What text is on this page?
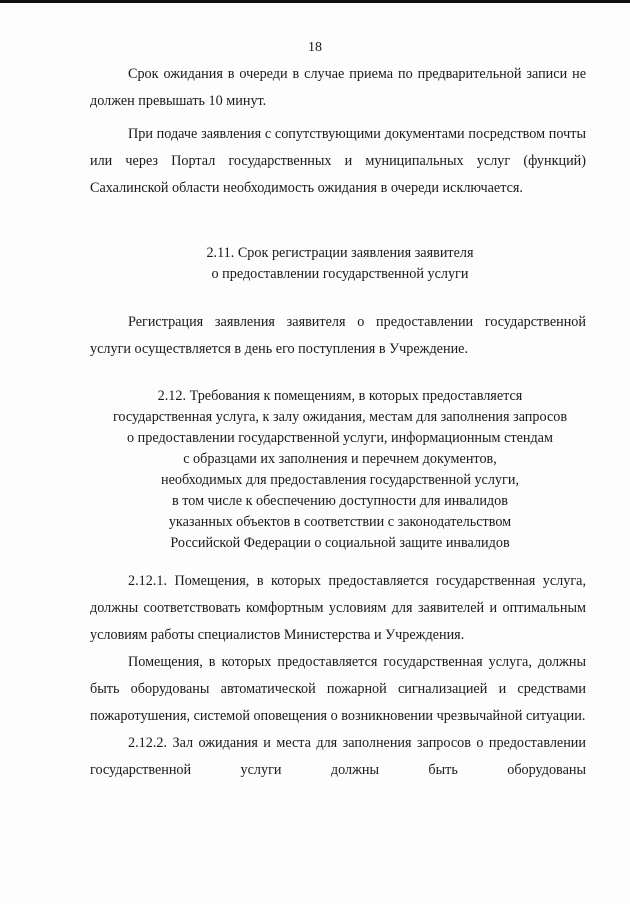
18

Срок ожидания в очереди в случае приема по предварительной записи не должен превышать 10 минут.

При подаче заявления с сопутствующими документами посредством почты или через Портал государственных и муниципальных услуг (функций) Сахалинской области необходимость ожидания в очереди исключается.

2.11. Срок регистрации заявления заявителя
о предоставлении государственной услуги

Регистрация заявления заявителя о предоставлении государственной услуги осуществляется в день его поступления в Учреждение.

2.12. Требования к помещениям, в которых предоставляется
государственная услуга, к залу ожидания, местам для заполнения запросов
о предоставлении государственной услуги, информационным стендам
с образцами их заполнения и перечнем документов,
необходимых для предоставления государственной услуги,
в том числе к обеспечению доступности для инвалидов
указанных объектов в соответствии с законодательством
Российской Федерации о социальной защите инвалидов

2.12.1. Помещения, в которых предоставляется государственная услуга, должны соответствовать комфортным условиям для заявителей и оптимальным условиям работы специалистов Министерства и Учреждения.

Помещения, в которых предоставляется государственная услуга, должны быть оборудованы автоматической пожарной сигнализацией и средствами пожаротушения, системой оповещения о возникновении чрезвычайной ситуации.

2.12.2. Зал ожидания и места для заполнения запросов о предоставлении государственной услуги должны быть оборудованы
